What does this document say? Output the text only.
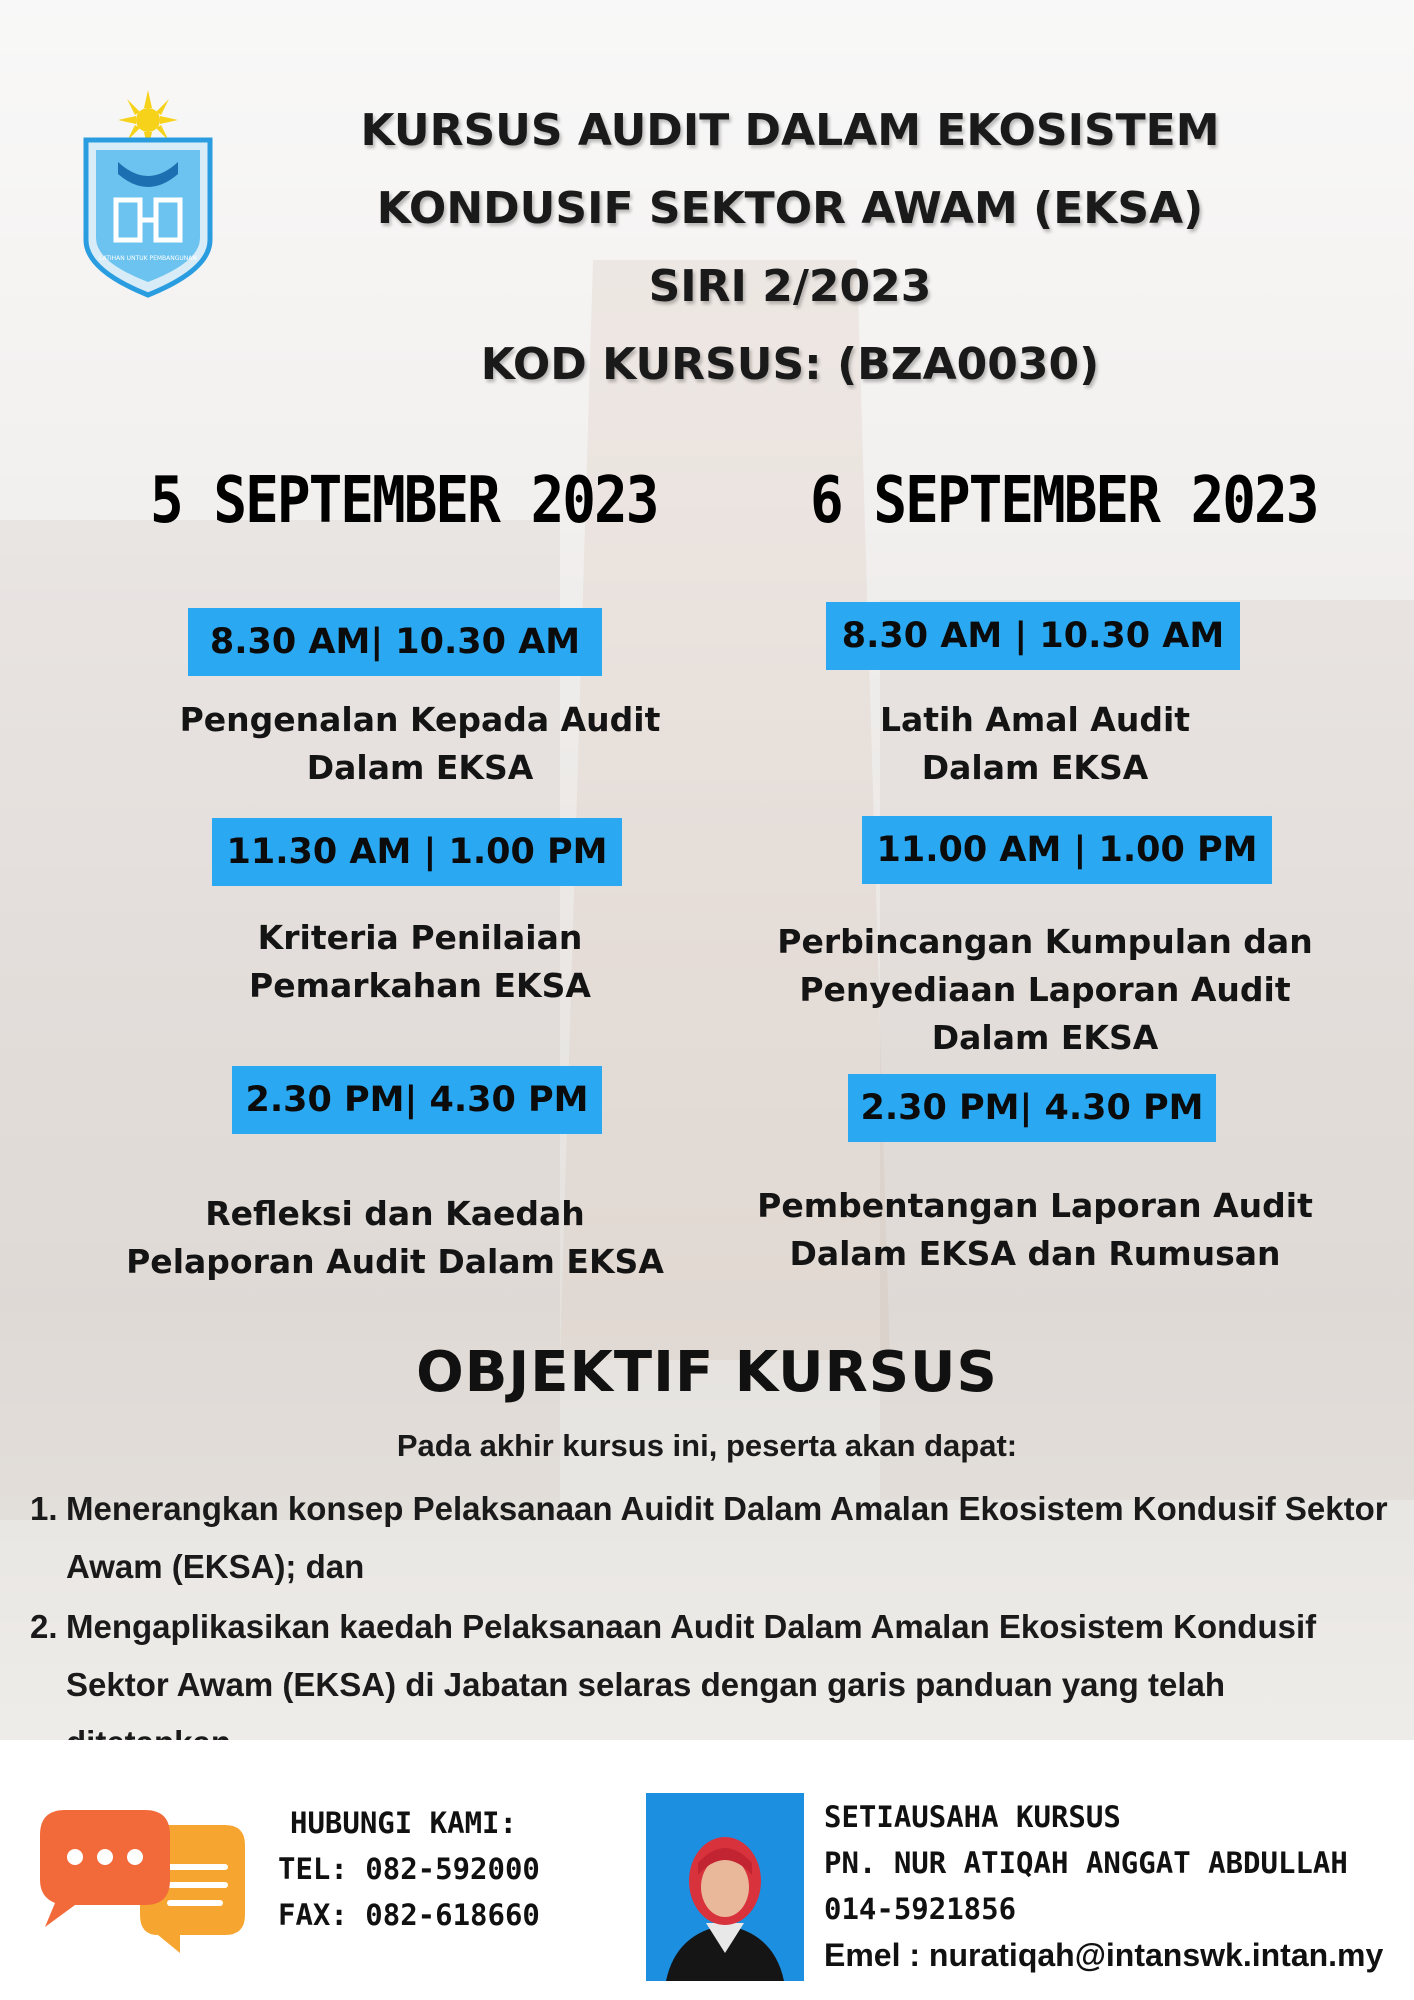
LATIHAN UNTUK PEMBANGUNAN
KURSUS AUDIT DALAM EKOSISTEM
KONDUSIF SEKTOR AWAM (EKSA)
SIRI 2/2023
KOD KURSUS: (BZA0030)
5 SEPTEMBER 2023
8.30 AM| 10.30 AM
Pengenalan Kepada Audit
Dalam EKSA
11.30 AM | 1.00 PM
Kriteria Penilaian
Pemarkahan EKSA
2.30 PM| 4.30 PM
Refleksi dan Kaedah
Pelaporan Audit Dalam EKSA
6 SEPTEMBER 2023
8.30 AM | 10.30 AM
Latih Amal Audit
Dalam EKSA
11.00 AM | 1.00 PM
Perbincangan Kumpulan dan
Penyediaan Laporan Audit
Dalam EKSA
2.30 PM| 4.30 PM
Pembentangan Laporan Audit
Dalam EKSA dan Rumusan
OBJEKTIF KURSUS
Pada akhir kursus ini, peserta akan dapat:
1. Menerangkan konsep Pelaksanaan Auidit Dalam Amalan Ekosistem Kondusif Sektor Awam (EKSA); dan
2. Mengaplikasikan kaedah Pelaksanaan Audit Dalam Amalan Ekosistem Kondusif Sektor Awam (EKSA) di Jabatan selaras dengan garis panduan yang telah
HUBUNGI KAMI:
TEL: 082-592000
FAX: 082-618660
SETIAUSAHA KURSUS
PN. NUR ATIQAH ANGGAT ABDULLAH
014-5921856
Emel : nuratiqah@intanswk.intan.my
